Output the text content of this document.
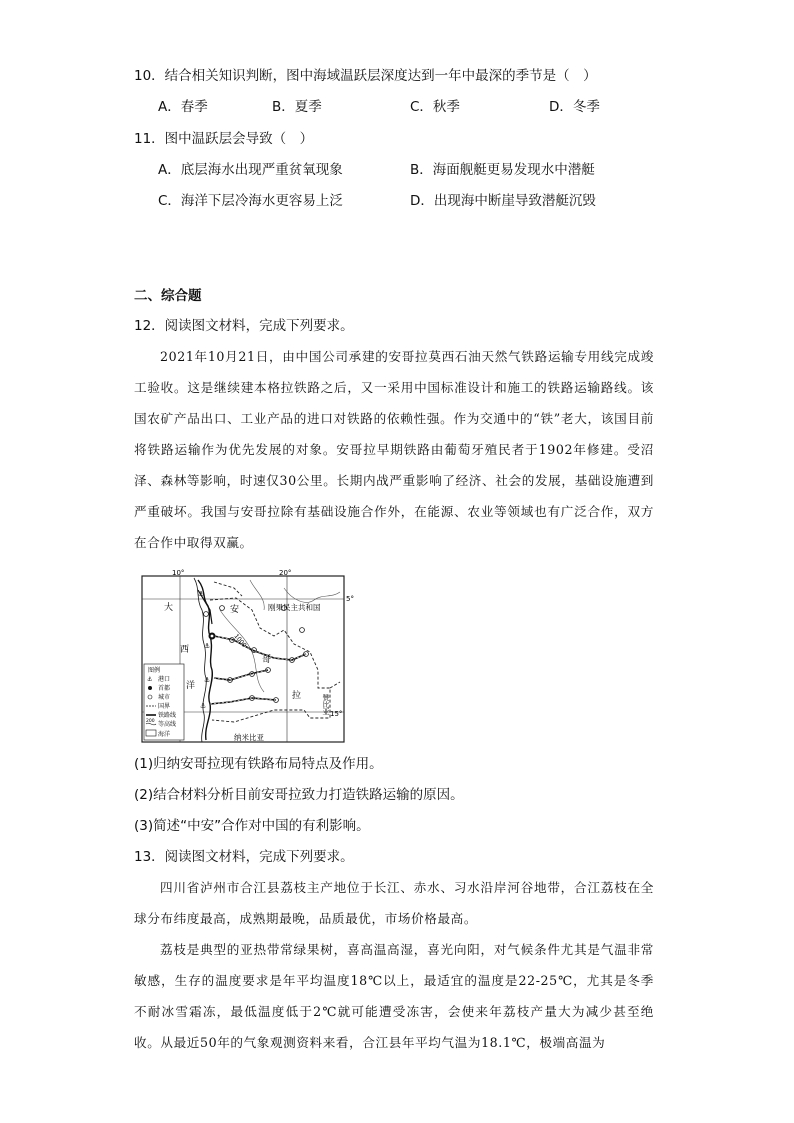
10．结合相关知识判断，图中海域温跃层深度达到一年中最深的季节是（　）
A．春季	B．夏季	C．秋季	D．冬季
11．图中温跃层会导致（　）
A．底层海水出现严重贫氧现象	B．海面舰艇更易发现水中潜艇
C．海洋下层冷海水更容易上泛	D．出现海中断崖导致潜艇沉毁
二、综合题
12．阅读图文材料，完成下列要求。

2021年10月21日，由中国公司承建的安哥拉莫西石油天然气铁路运输专用线完成竣工验收。这是继续建本格拉铁路之后，又一采用中国标准设计和施工的铁路运输路线。该国农矿产品出口、工业产品的进口对铁路的依赖性强。作为交通中的“铁”老大，该国目前将铁路运输作为优先发展的对象。安哥拉早期铁路由葡萄牙殖民者于1902年修建。受沼泽、森林等影响，时速仅30公里。长期内战严重影响了经济、社会的发展，基础设施遭到严重破坏。我国与安哥拉除有基础设施合作外，在能源、农业等领域也有广泛合作，双方在合作中取得双赢。

10°	20°
5°
15°
1000
⚓
⚓
⚓
⚓
大
西
洋
安
哥
拉
刚果民主共和国
赞比亚
纳米比亚
图例
⚓ 港口
首都
城市
国界
铁路线
200 等高线
海洋
(1)归纳安哥拉现有铁路布局特点及作用。
(2)结合材料分析目前安哥拉致力打造铁路运输的原因。
(3)简述“中安”合作对中国的有利影响。
13．阅读图文材料，完成下列要求。

四川省泸州市合江县荔枝主产地位于长江、赤水、习水沿岸河谷地带，合江荔枝在全球分布纬度最高，成熟期最晚，品质最优，市场价格最高。

荔枝是典型的亚热带常绿果树，喜高温高湿，喜光向阳，对气候条件尤其是气温非常敏感，生存的温度要求是年平均温度18℃以上，最适宜的温度是22-25℃，尤其是冬季不耐冰雪霜冻，最低温度低于2℃就可能遭受冻害，会使来年荔枝产量大为减少甚至绝收。从最近50年的气象观测资料来看，合江县年平均气温为18.1℃，极端高温为
